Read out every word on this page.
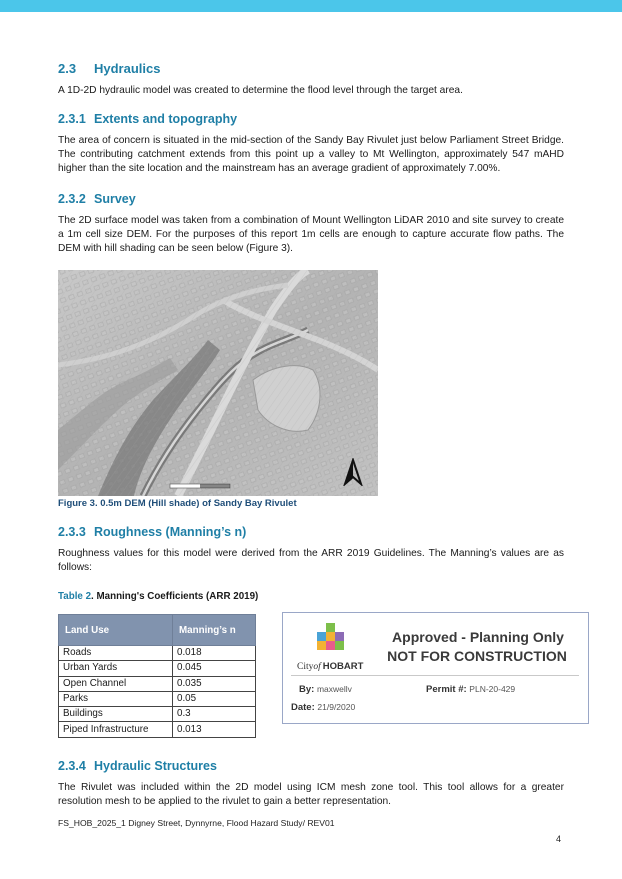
2.3 Hydraulics
A 1D-2D hydraulic model was created to determine the flood level through the target area.
2.3.1 Extents and topography
The area of concern is situated in the mid-section of the Sandy Bay Rivulet just below Parliament Street Bridge. The contributing catchment extends from this point up a valley to Mt Wellington, approximately 547 mAHD higher than the site location and the mainstream has an average gradient of approximately 7.00%.
2.3.2 Survey
The 2D surface model was taken from a combination of Mount Wellington LiDAR 2010 and site survey to create a 1m cell size DEM. For the purposes of this report 1m cells are enough to capture accurate flow paths. The DEM with hill shading can be seen below (Figure 3).
Figure 3. 0.5m DEM (Hill shade) of Sandy Bay Rivulet
2.3.3 Roughness (Manning’s n)
Roughness values for this model were derived from the ARR 2019 Guidelines. The Manning’s values are as follows:
Table 2. Manning's Coefficients (ARR 2019)
Land Use	Manning’s n
Roads	0.018
Urban Yards	0.045
Open Channel	0.035
Parks	0.05
Buildings	0.3
Piped Infrastructure	0.013
Cityof HOBART
Approved - Planning Only
NOT FOR CONSTRUCTION
By: maxwellv	Permit #: PLN-20-429
Date: 21/9/2020
2.3.4 Hydraulic Structures
The Rivulet was included within the 2D model using ICM mesh zone tool. This tool allows for a greater resolution mesh to be applied to the rivulet to gain a better representation.
FS_HOB_2025_1 Digney Street, Dynnyrne, Flood Hazard Study/ REV01
4
